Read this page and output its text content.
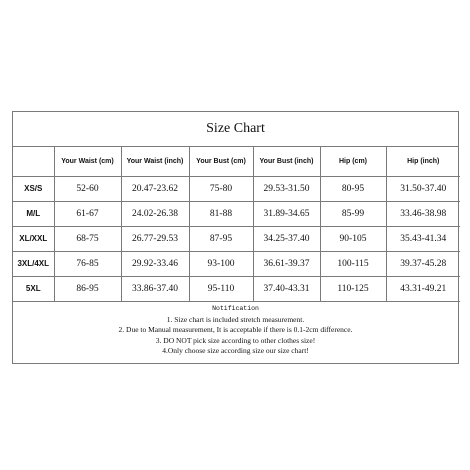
Size Chart
	Your Waist (cm)	Your Waist (inch)	Your Bust (cm)	Your Bust (inch)	Hip (cm)	Hip (inch)
XS/S	52-60	20.47-23.62	75-80	29.53-31.50	80-95	31.50-37.40
M/L	61-67	24.02-26.38	81-88	31.89-34.65	85-99	33.46-38.98
XL/XXL	68-75	26.77-29.53	87-95	34.25-37.40	90-105	35.43-41.34
3XL/4XL	76-85	29.92-33.46	93-100	36.61-39.37	100-115	39.37-45.28
5XL	86-95	33.86-37.40	95-110	37.40-43.31	110-125	43.31-49.21
Notification
1. Size chart is included stretch measurement.
2. Due to Manual measurement, It is acceptable if there is 0.1-2cm difference.
3. DO NOT pick size according to other clothes size!
4.Only choose size according size our size chart!
